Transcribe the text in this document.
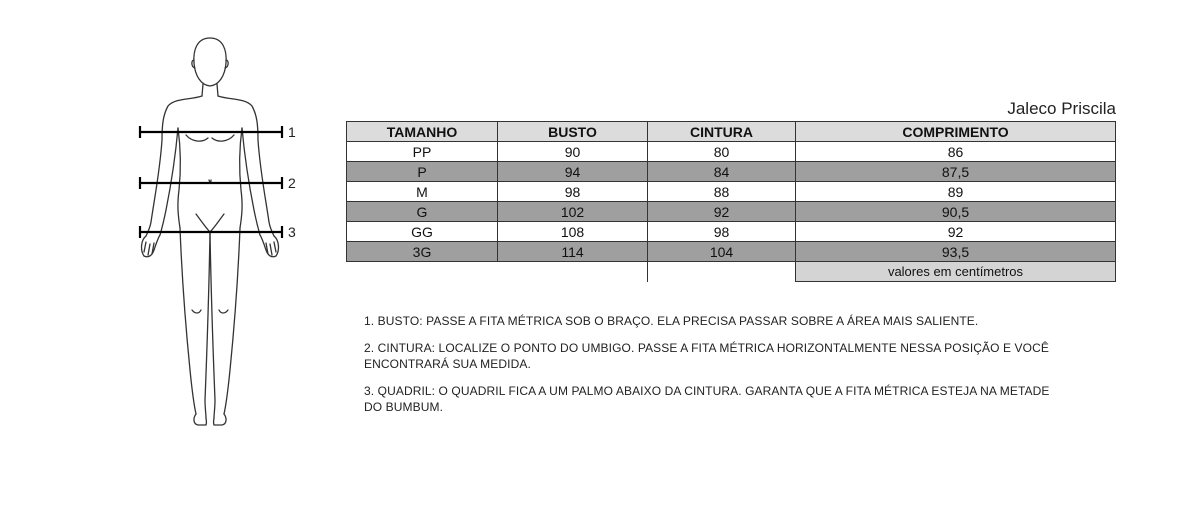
1
2
3
Jaleco Priscila
TAMANHO	BUSTO	CINTURA	COMPRIMENTO
PP	90	80	86
P	94	84	87,5
M	98	88	89
G	102	92	90,5
GG	108	98	92
3G	114	104	93,5
			valores em centímetros

1. BUSTO: PASSE A FITA MÉTRICA SOB O BRAÇO. ELA PRECISA PASSAR SOBRE A ÁREA MAIS SALIENTE.

2. CINTURA: LOCALIZE O PONTO DO UMBIGO. PASSE A FITA MÉTRICA HORIZONTALMENTE NESSA POSIÇÃO E VOCÊ ENCONTRARÁ SUA MEDIDA.

3. QUADRIL: O QUADRIL FICA A UM PALMO ABAIXO DA CINTURA. GARANTA QUE A FITA MÉTRICA ESTEJA NA METADE DO BUMBUM.
